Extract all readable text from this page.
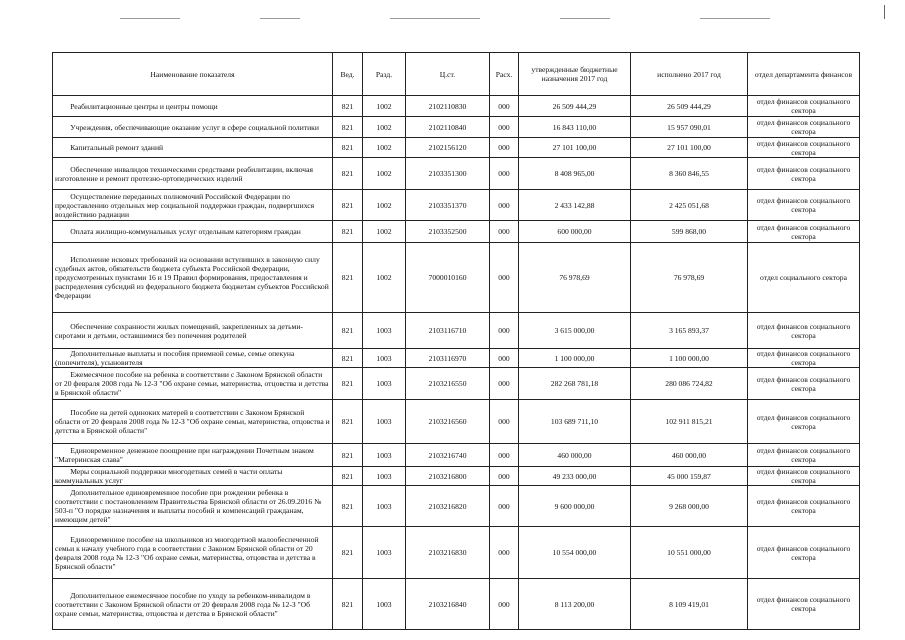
Наименование показателя	Вед.	Разд.	Ц.ст.	Расх.	утвержденные бюджетные назначения 2017 год	исполнено 2017 год	отдел департамента финансов
Реабилитационные центры и центры помощи	821	1002	2102110830	000	26 509 444,29	26 509 444,29	отдел финансов социального сектора
Учреждения, обеспечивающие оказание услуг в сфере социальной политики	821	1002	2102110840	000	16 843 110,00	15 957 090,01	отдел финансов социального сектора
Капитальный ремонт зданий	821	1002	2102156120	000	27 101 100,00	27 101 100,00	отдел финансов социального сектора
Обеспечение инвалидов техническими средствами реабилитации, включая изготовление и ремонт протезно-ортопедических изделий	821	1002	2103351300	000	8 408 965,00	8 360 846,55	отдел финансов социального сектора
Осуществление переданных полномочий Российской Федерации по предоставлению отдельных мер социальной поддержки граждан, подвергшихся воздействию радиации	821	1002	2103351370	000	2 433 142,88	2 425 051,68	отдел финансов социального сектора
Оплата жилищно-коммунальных услуг отдельным категориям граждан	821	1002	2103352500	000	600 000,00	599 868,00	отдел финансов социального сектора
Исполнение исковых требований на основании вступивших в законную силу судебных актов, обязательств бюджета субъекта Российской Федерации, предусмотренных пунктами 16 и 19 Правил формирования, предоставления и распределения субсидий из федерального бюджета бюджетам субъектов Российской Федерации	821	1002	7000010160	000	76 978,69	76 978,69	отдел социального сектора
Обеспечение сохранности жилых помещений, закрепленных за детьми-сиротами и детьми, оставшимися без попечения родителей	821	1003	2103116710	000	3 615 000,00	3 165 893,37	отдел финансов социального сектора
Дополнительные выплаты и пособия приемной семье, семье опекуна (попечителя), усыновителя	821	1003	2103116970	000	1 100 000,00	1 100 000,00	отдел финансов социального сектора
Ежемесячное пособие на ребенка в соответствии с Законом Брянской области от 20 февраля 2008 года № 12-З "Об охране семьи, материнства, отцовства и детства в Брянской области"	821	1003	2103216550	000	282 268 781,18	280 086 724,82	отдел финансов социального сектора
Пособие на детей одиноких матерей в соответствии с Законом Брянской области от 20 февраля 2008 года № 12-З "Об охране семьи, материнства, отцовства и детства в Брянской области"	821	1003	2103216560	000	103 689 711,10	102 911 815,21	отдел финансов социального сектора
Единовременное денежное поощрение при награждении Почетным знаком "Материнская слава"	821	1003	2103216740	000	460 000,00	460 000,00	отдел финансов социального сектора
Меры социальной поддержки многодетных семей в части оплаты коммунальных услуг	821	1003	2103216800	000	49 233 000,00	45 000 159,87	отдел финансов социального сектора
Дополнительное единовременное пособие при рождении ребенка в соответствии с постановлением Правительства Брянской области от 26.09.2016 № 503-п "О порядке назначения и выплаты пособий и компенсаций гражданам, имеющим детей"	821	1003	2103216820	000	9 600 000,00	9 268 000,00	отдел финансов социального сектора
Единовременное пособие на школьников из многодетной малообеспеченной семьи к началу учебного года в соответствии с Законом Брянской области от 20 февраля 2008 года № 12-З "Об охране семьи, материнства, отцовства и детства в Брянской области"	821	1003	2103216830	000	10 554 000,00	10 551 000,00	отдел финансов социального сектора
Дополнительное ежемесячное пособие по уходу за ребенком-инвалидом в соответствии с Законом Брянской области от 20 февраля 2008 года № 12-З "Об охране семьи, материнства, отцовства и детства в Брянской области"	821	1003	2103216840	000	8 113 200,00	8 109 419,01	отдел финансов социального сектора
